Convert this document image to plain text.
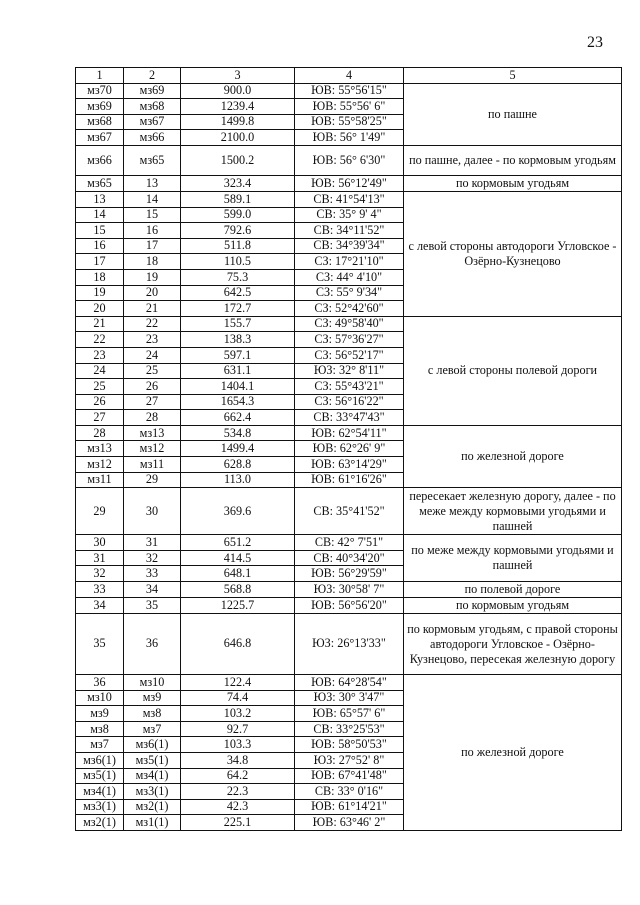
23
1	2	3	4	5
мз70	мз69	900.0	ЮВ: 55°56'15"	по пашне
мз69	мз68	1239.4	ЮВ: 55°56' 6"	
мз68	мз67	1499.8	ЮВ: 55°58'25"	
мз67	мз66	2100.0	ЮВ: 56° 1'49"	
мз66	мз65	1500.2	ЮВ: 56° 6'30"	по пашне, далее - по кормовым угодьям
мз65	13	323.4	ЮВ: 56°12'49"	по кормовым угодьям
13	14	589.1	СВ: 41°54'13"	с левой стороны автодороги Угловское - Озёрно-Кузнецово
14	15	599.0	СВ: 35° 9' 4"	
15	16	792.6	СВ: 34°11'52"	
16	17	511.8	СВ: 34°39'34"	
17	18	110.5	СЗ: 17°21'10"	
18	19	75.3	СЗ: 44° 4'10"	
19	20	642.5	СЗ: 55° 9'34"	
20	21	172.7	СЗ: 52°42'60"	
21	22	155.7	СЗ: 49°58'40"	с левой стороны полевой дороги
22	23	138.3	СЗ: 57°36'27"	
23	24	597.1	СЗ: 56°52'17"	
24	25	631.1	ЮЗ: 32° 8'11"	
25	26	1404.1	СЗ: 55°43'21"	
26	27	1654.3	СЗ: 56°16'22"	
27	28	662.4	СВ: 33°47'43"	
28	мз13	534.8	ЮВ: 62°54'11"	по железной дороге
мз13	мз12	1499.4	ЮВ: 62°26' 9"	
мз12	мз11	628.8	ЮВ: 63°14'29"	
мз11	29	113.0	ЮВ: 61°16'26"	
29	30	369.6	СВ: 35°41'52"	пересекает железную дорогу, далее - по меже между кормовыми угодьями и пашней
30	31	651.2	СВ: 42° 7'51"	по меже между кормовыми угодьями и пашней
31	32	414.5	СВ: 40°34'20"	
32	33	648.1	ЮВ: 56°29'59"	
33	34	568.8	ЮЗ: 30°58' 7"	по полевой дороге
34	35	1225.7	ЮВ: 56°56'20"	по кормовым угодьям
35	36	646.8	ЮЗ: 26°13'33"	по кормовым угодьям, с правой стороны автодороги Угловское - Озёрно-Кузнецово, пересекая железную дорогу
36	мз10	122.4	ЮВ: 64°28'54"	по железной дороге
мз10	мз9	74.4	ЮЗ: 30° 3'47"	
мз9	мз8	103.2	ЮВ: 65°57' 6"	
мз8	мз7	92.7	СВ: 33°25'53"	
мз7	мз6(1)	103.3	ЮВ: 58°50'53"	
мз6(1)	мз5(1)	34.8	ЮЗ: 27°52' 8"	
мз5(1)	мз4(1)	64.2	ЮВ: 67°41'48"	
мз4(1)	мз3(1)	22.3	СВ: 33° 0'16"	
мз3(1)	мз2(1)	42.3	ЮВ: 61°14'21"	
мз2(1)	мз1(1)	225.1	ЮВ: 63°46' 2"	
